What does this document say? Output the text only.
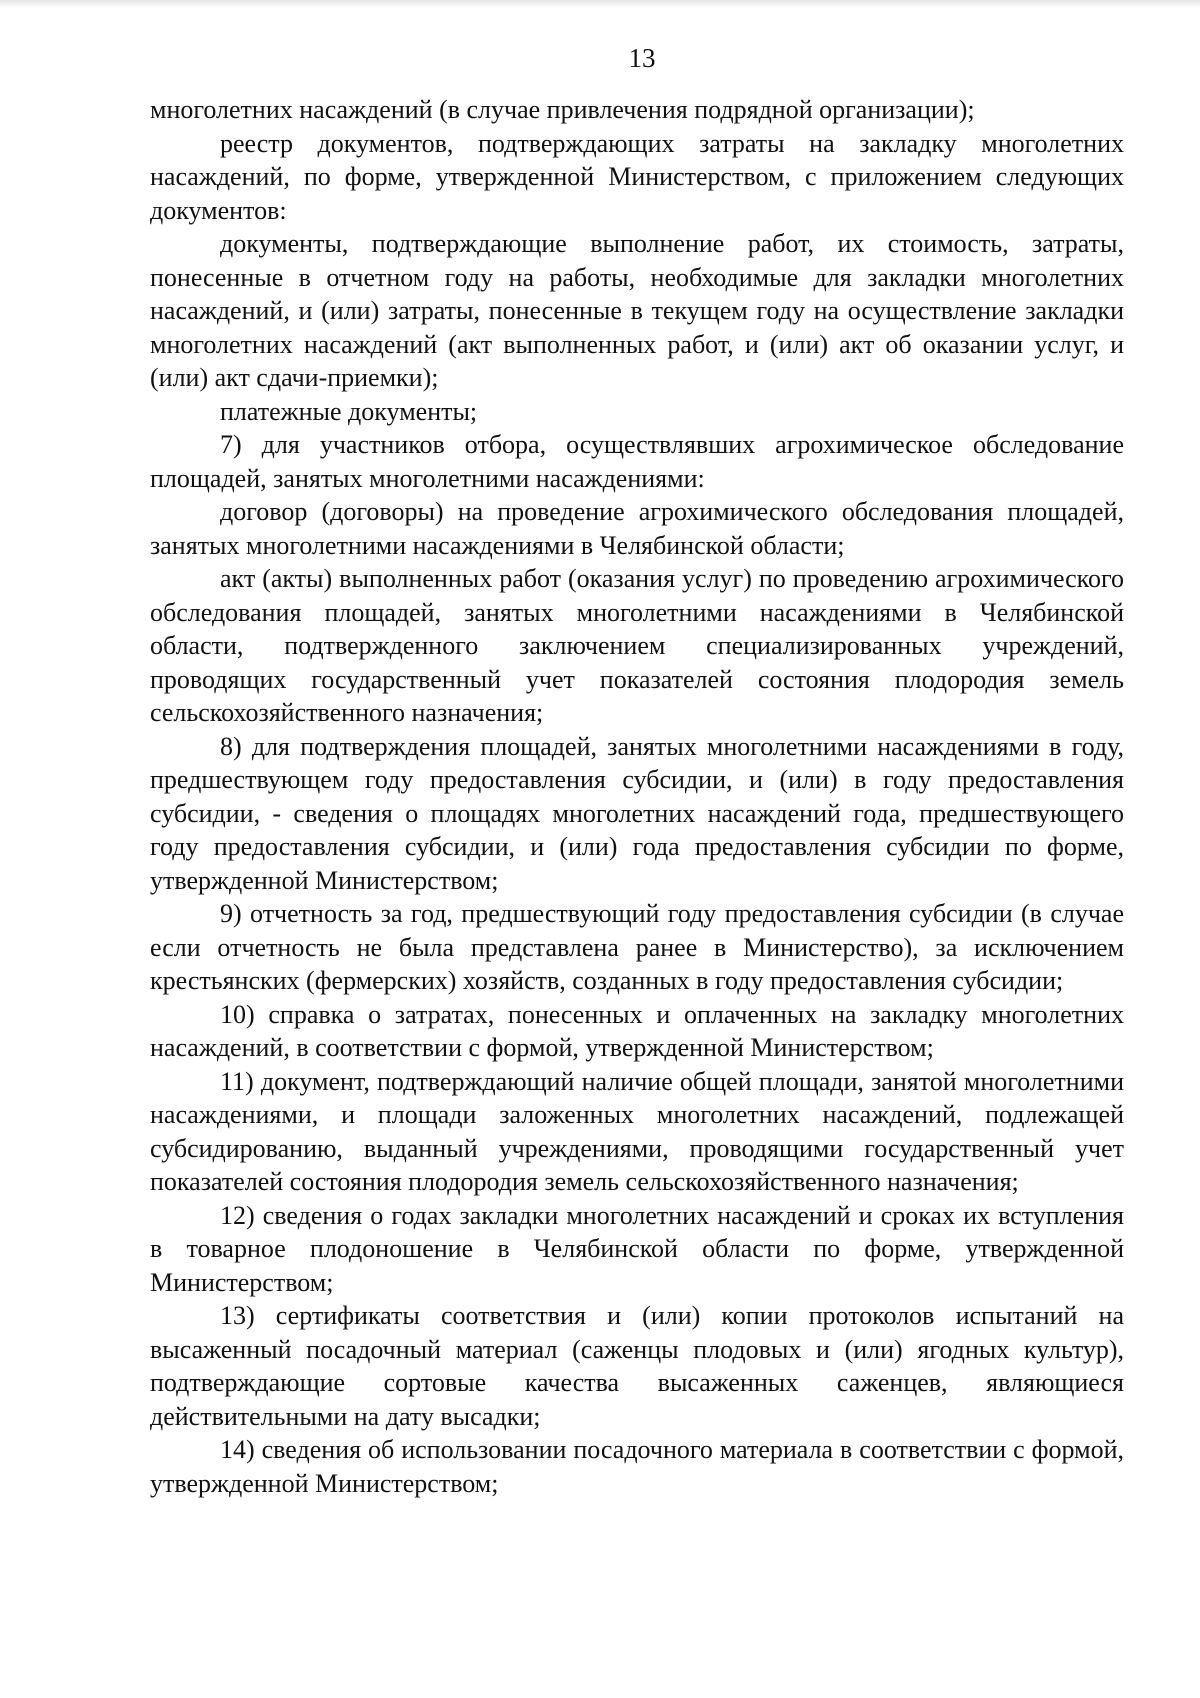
13

многолетних насаждений (в случае привлечения подрядной организации);

реестр документов, подтверждающих затраты на закладку многолетних насаждений, по форме, утвержденной Министерством, с приложением следующих документов:

документы, подтверждающие выполнение работ, их стоимость, затраты, понесенные в отчетном году на работы, необходимые для закладки многолетних насаждений, и (или) затраты, понесенные в текущем году на осуществление закладки многолетних насаждений (акт выполненных работ, и (или) акт об оказании услуг, и (или) акт сдачи-приемки);

платежные документы;

7) для участников отбора, осуществлявших агрохимическое обследование площадей, занятых многолетними насаждениями:

договор (договоры) на проведение агрохимического обследования площадей, занятых многолетними насаждениями в Челябинской области;

акт (акты) выполненных работ (оказания услуг) по проведению агрохимического обследования площадей, занятых многолетними насаждениями в Челябинской области, подтвержденного заключением специализированных учреждений, проводящих государственный учет показателей состояния плодородия земель сельскохозяйственного назначения;

8) для подтверждения площадей, занятых многолетними насаждениями в году, предшествующем году предоставления субсидии, и (или) в году предоставления субсидии, - сведения о площадях многолетних насаждений года, предшествующего году предоставления субсидии, и (или) года предоставления субсидии по форме, утвержденной Министерством;

9) отчетность за год, предшествующий году предоставления субсидии (в случае если отчетность не была представлена ранее в Министерство), за исключением крестьянских (фермерских) хозяйств, созданных в году предоставления субсидии;

10) справка о затратах, понесенных и оплаченных на закладку многолетних насаждений, в соответствии с формой, утвержденной Министерством;

11) документ, подтверждающий наличие общей площади, занятой многолетними насаждениями, и площади заложенных многолетних насаждений, подлежащей субсидированию, выданный учреждениями, проводящими государственный учет показателей состояния плодородия земель сельскохозяйственного назначения;

12) сведения о годах закладки многолетних насаждений и сроках их вступления в товарное плодоношение в Челябинской области по форме, утвержденной Министерством;

13) сертификаты соответствия и (или) копии протоколов испытаний на высаженный посадочный материал (саженцы плодовых и (или) ягодных культур), подтверждающие сортовые качества высаженных саженцев, являющиеся действительными на дату высадки;

14) сведения об использовании посадочного материала в соответствии с формой, утвержденной Министерством;
